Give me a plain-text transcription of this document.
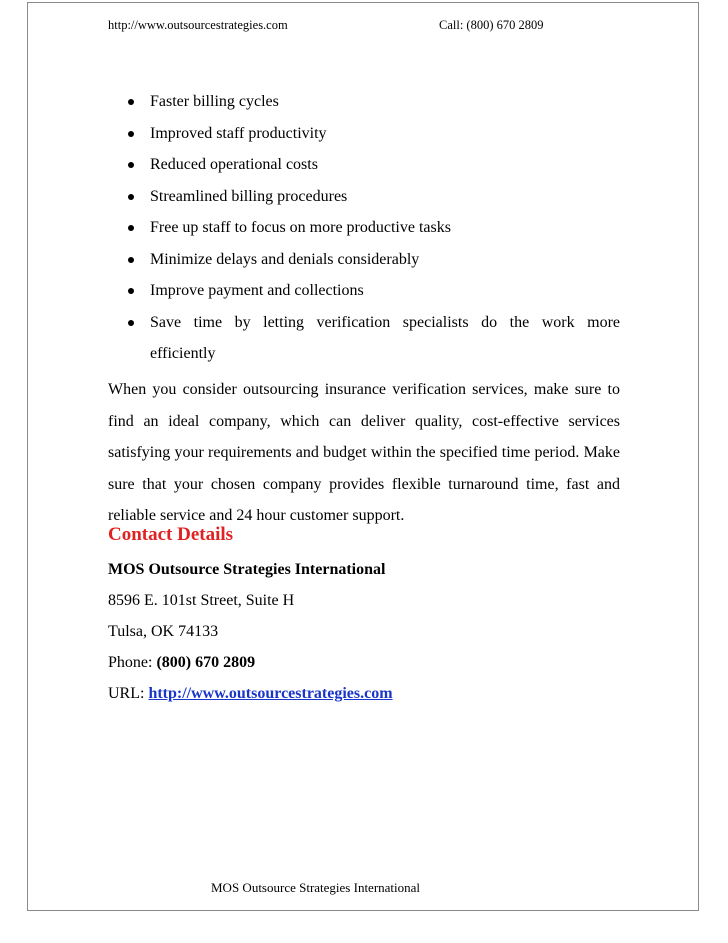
http://www.outsourcestrategies.com	Call: (800) 670 2809
Faster billing cycles
Improved staff productivity
Reduced operational costs
Streamlined billing procedures
Free up staff to focus on more productive tasks
Minimize delays and denials considerably
Improve payment and collections
Save time by letting verification specialists do the work more
efficiently

When you consider outsourcing insurance verification services, make sure to find an ideal company, which can deliver quality, cost-effective services satisfying your requirements and budget within the specified time period. Make sure that your chosen company provides flexible turnaround time, fast and reliable service and 24 hour customer support.

Contact Details
MOS Outsource Strategies International
8596 E. 101st Street, Suite H
Tulsa, OK 74133
Phone: (800) 670 2809
URL: http://www.outsourcestrategies.com
MOS Outsource Strategies International
